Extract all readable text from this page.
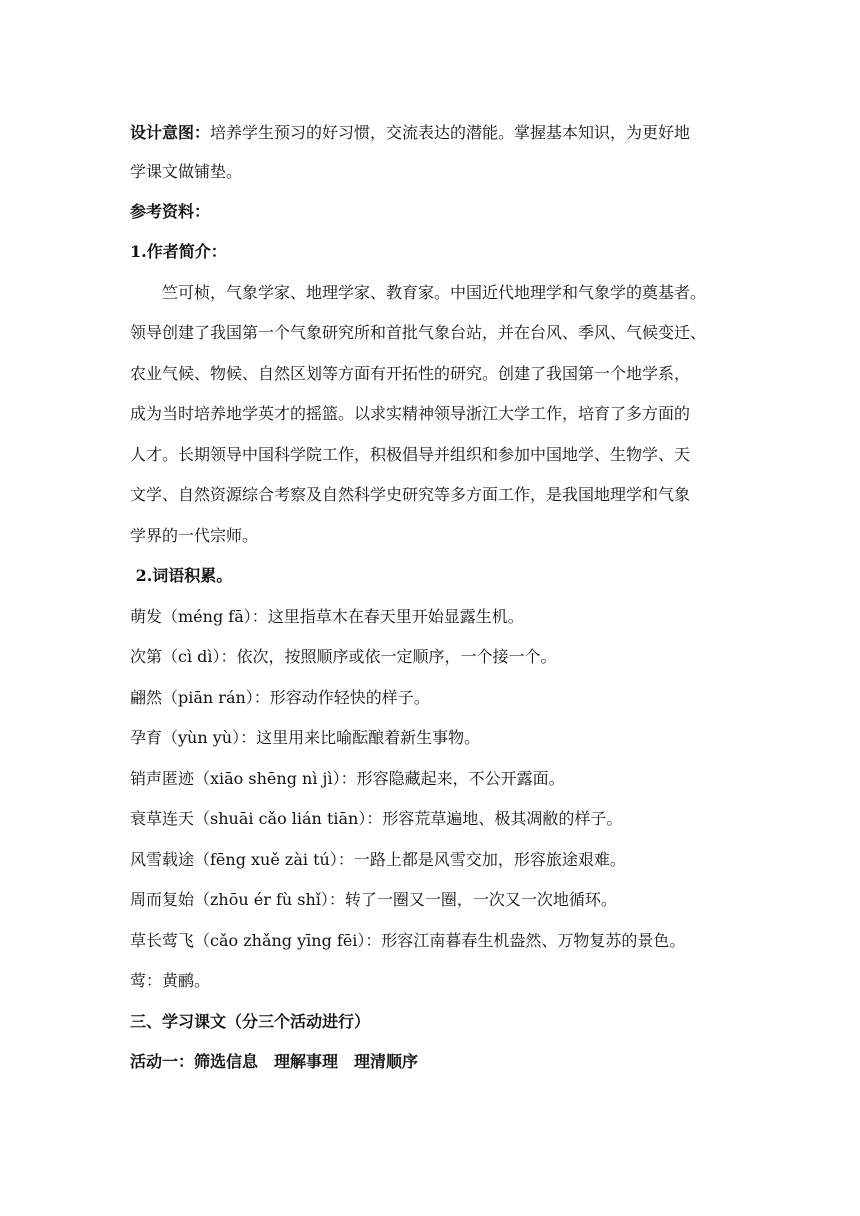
设计意图：培养学生预习的好习惯，交流表达的潜能。掌握基本知识，为更好地
学课文做铺垫。
参考资料：
1.作者简介：
竺可桢，气象学家、地理学家、教育家。中国近代地理学和气象学的奠基者。
领导创建了我国第一个气象研究所和首批气象台站，并在台风、季风、气候变迁、
农业气候、物候、自然区划等方面有开拓性的研究。创建了我国第一个地学系，
成为当时培养地学英才的摇篮。以求实精神领导浙江大学工作，培育了多方面的
人才。长期领导中国科学院工作，积极倡导并组织和参加中国地学、生物学、天
文学、自然资源综合考察及自然科学史研究等多方面工作，是我国地理学和气象
学界的一代宗师。
2.词语积累。
萌发（méng fā）：这里指草木在春天里开始显露生机。
次第（cì dì）：依次，按照顺序或依一定顺序，一个接一个。
翩然（piān rán）：形容动作轻快的样子。
孕育（yùn yù）：这里用来比喻酝酿着新生事物。
销声匿迹（xiāo shēng nì jì）：形容隐藏起来，不公开露面。
衰草连天（shuāi cǎo lián tiān）：形容荒草遍地、极其凋敝的样子。
风雪载途（fēng xuě zài tú）：一路上都是风雪交加，形容旅途艰难。
周而复始（zhōu ér fù shǐ）：转了一圈又一圈，一次又一次地循环。
草长莺飞（cǎo zhǎng yīng fēi）：形容江南暮春生机盎然、万物复苏的景色。
莺：黄鹂。
三、学习课文（分三个活动进行）
活动一：筛选信息　理解事理　理清顺序
